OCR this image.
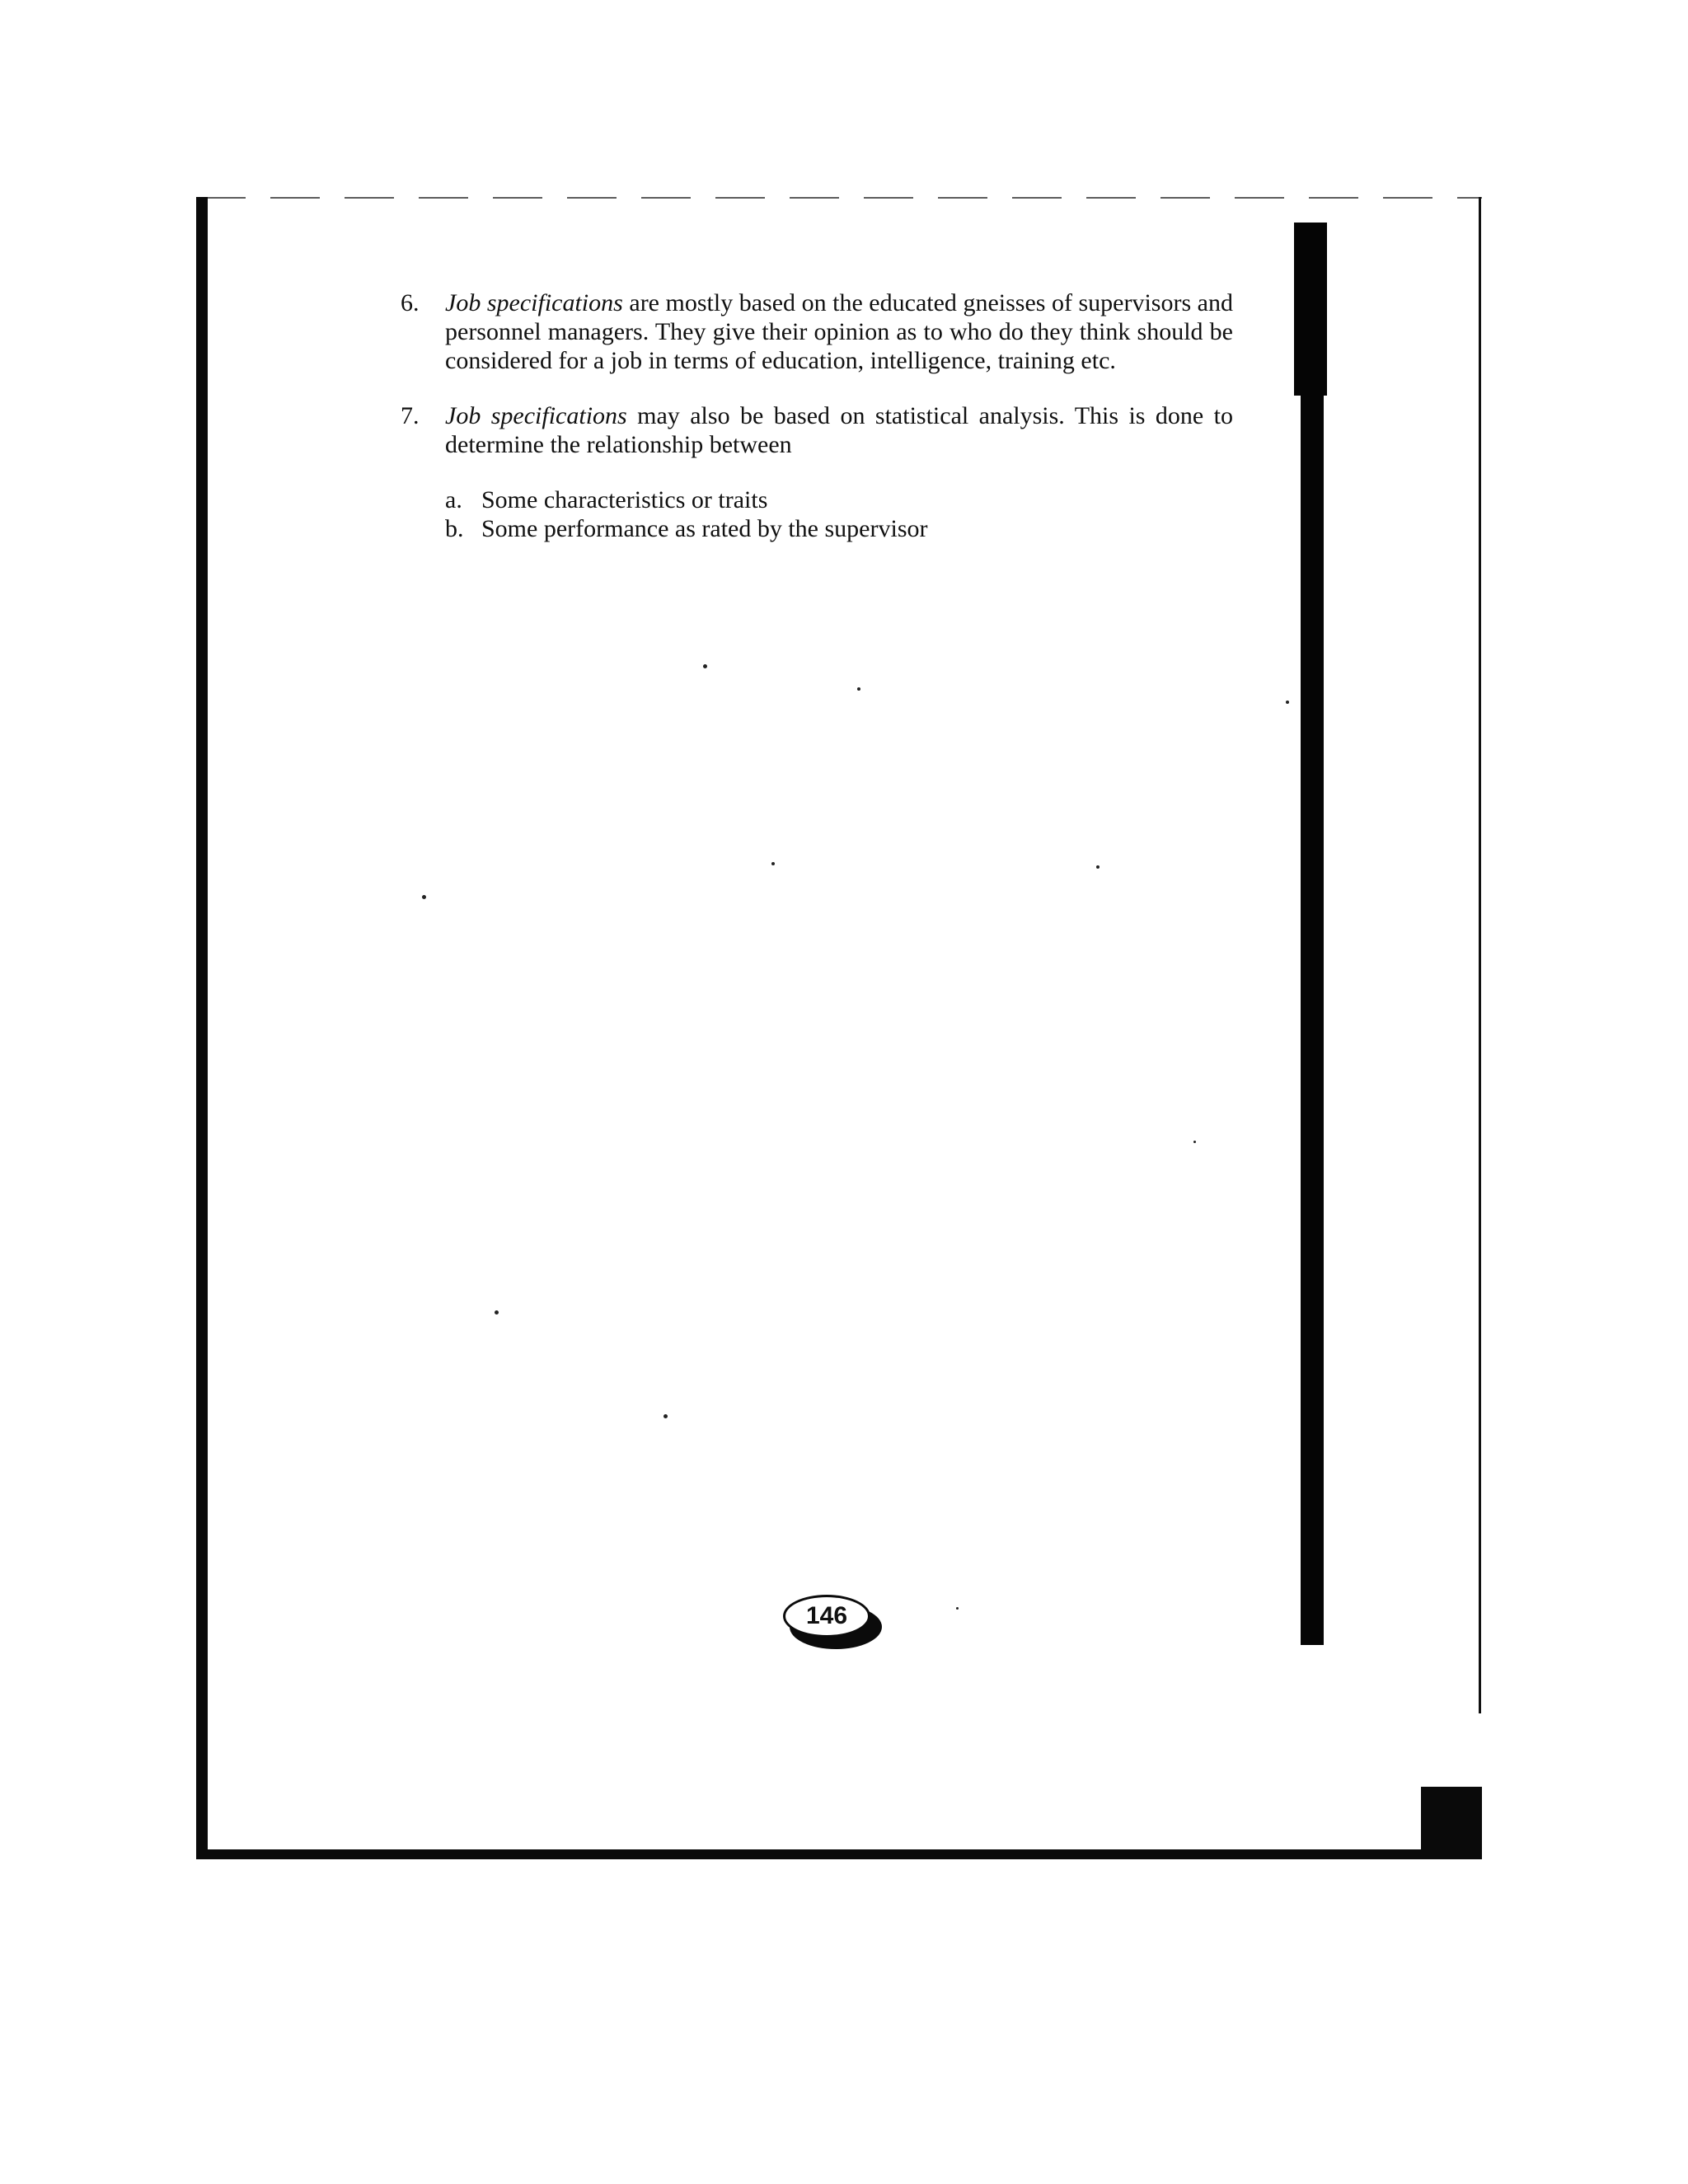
6. Job specifications are mostly based on the educated gneisses of supervisors and personnel managers. They give their opinion as to who do they think should be considered for a job in terms of education, intelligence, training etc.
7. Job specifications may also be based on statistical analysis. This is done to determine the relationship between
a. Some characteristics or traits
b. Some performance as rated by the supervisor
146
